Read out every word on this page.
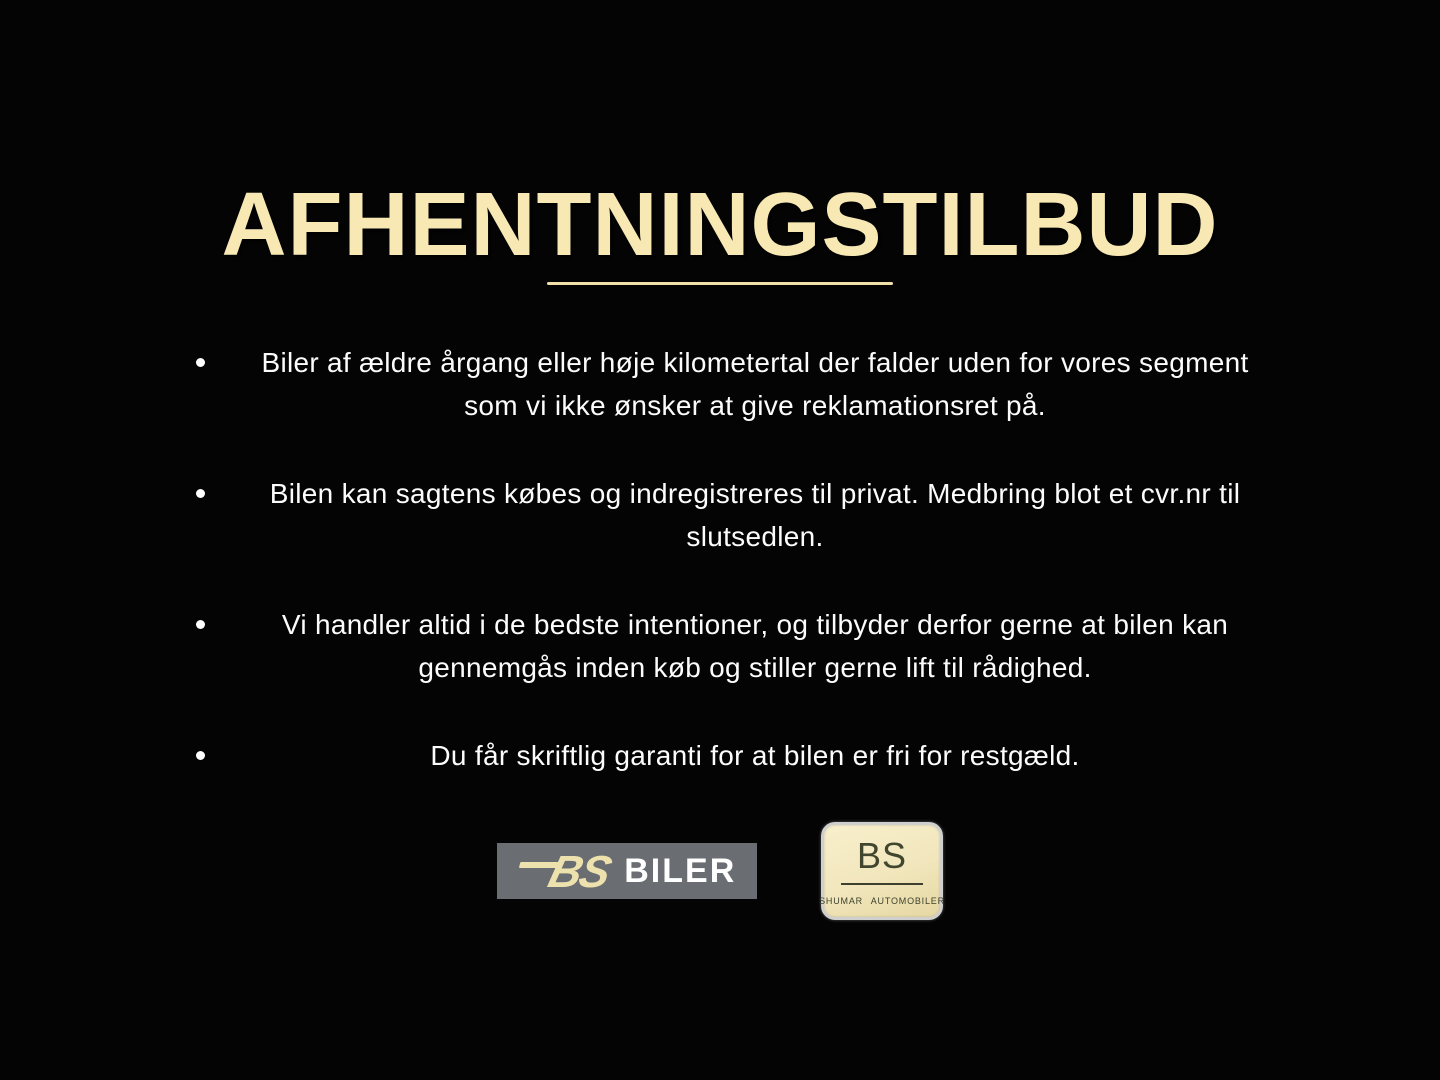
AFHENTNINGSTILBUD
Biler af ældre årgang eller høje kilometertal der falder uden for vores segment som vi ikke ønsker at give reklamationsret på.
Bilen kan sagtens købes og indregistreres til privat. Medbring blot et cvr.nr til slutsedlen.
Vi handler altid i de bedste intentioner, og tilbyder derfor gerne at bilen kan gennemgås inden køb og stiller gerne lift til rådighed.
Du får skriftlig garanti for at bilen er fri for restgæld.
BS BILER	BS
SHUMAR AUTOMOBILER
